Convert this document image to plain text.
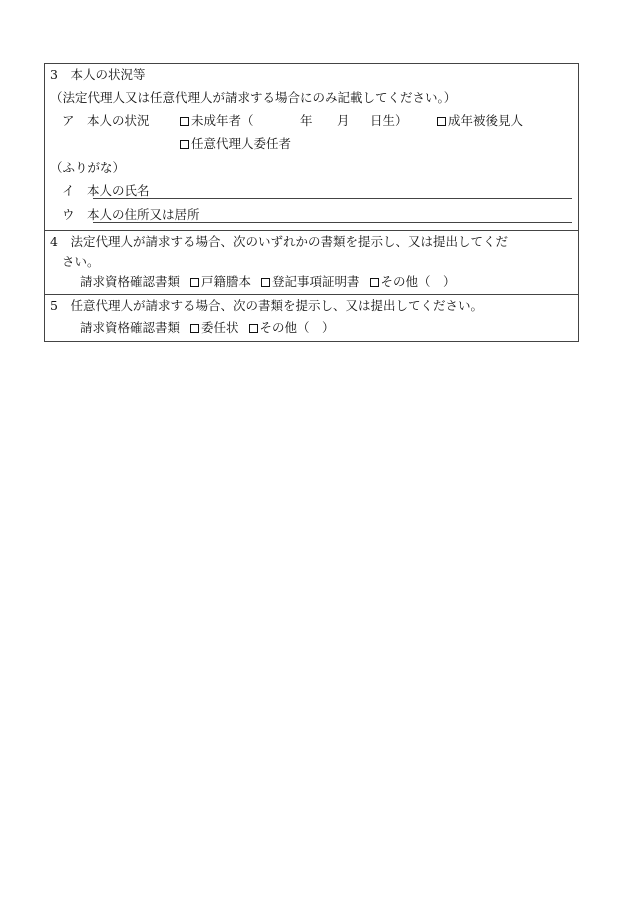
3　本人の状況等
（法定代理人又は任意代理人が請求する場合にのみ記載してください。）
ア　本人の状況	未成年者（	年 月 日生）	成年被後見人
任意代理人委任者
（ふりがな）
イ　本人の氏名
ウ　本人の住所又は居所
4　法定代理人が請求する場合、次のいずれかの書類を提示し、又は提出してくだ
さい。
請求資格確認書類 戸籍謄本 登記事項証明書 その他（　）
5　任意代理人が請求する場合、次の書類を提示し、又は提出してください。
請求資格確認書類 委任状 その他（　）
